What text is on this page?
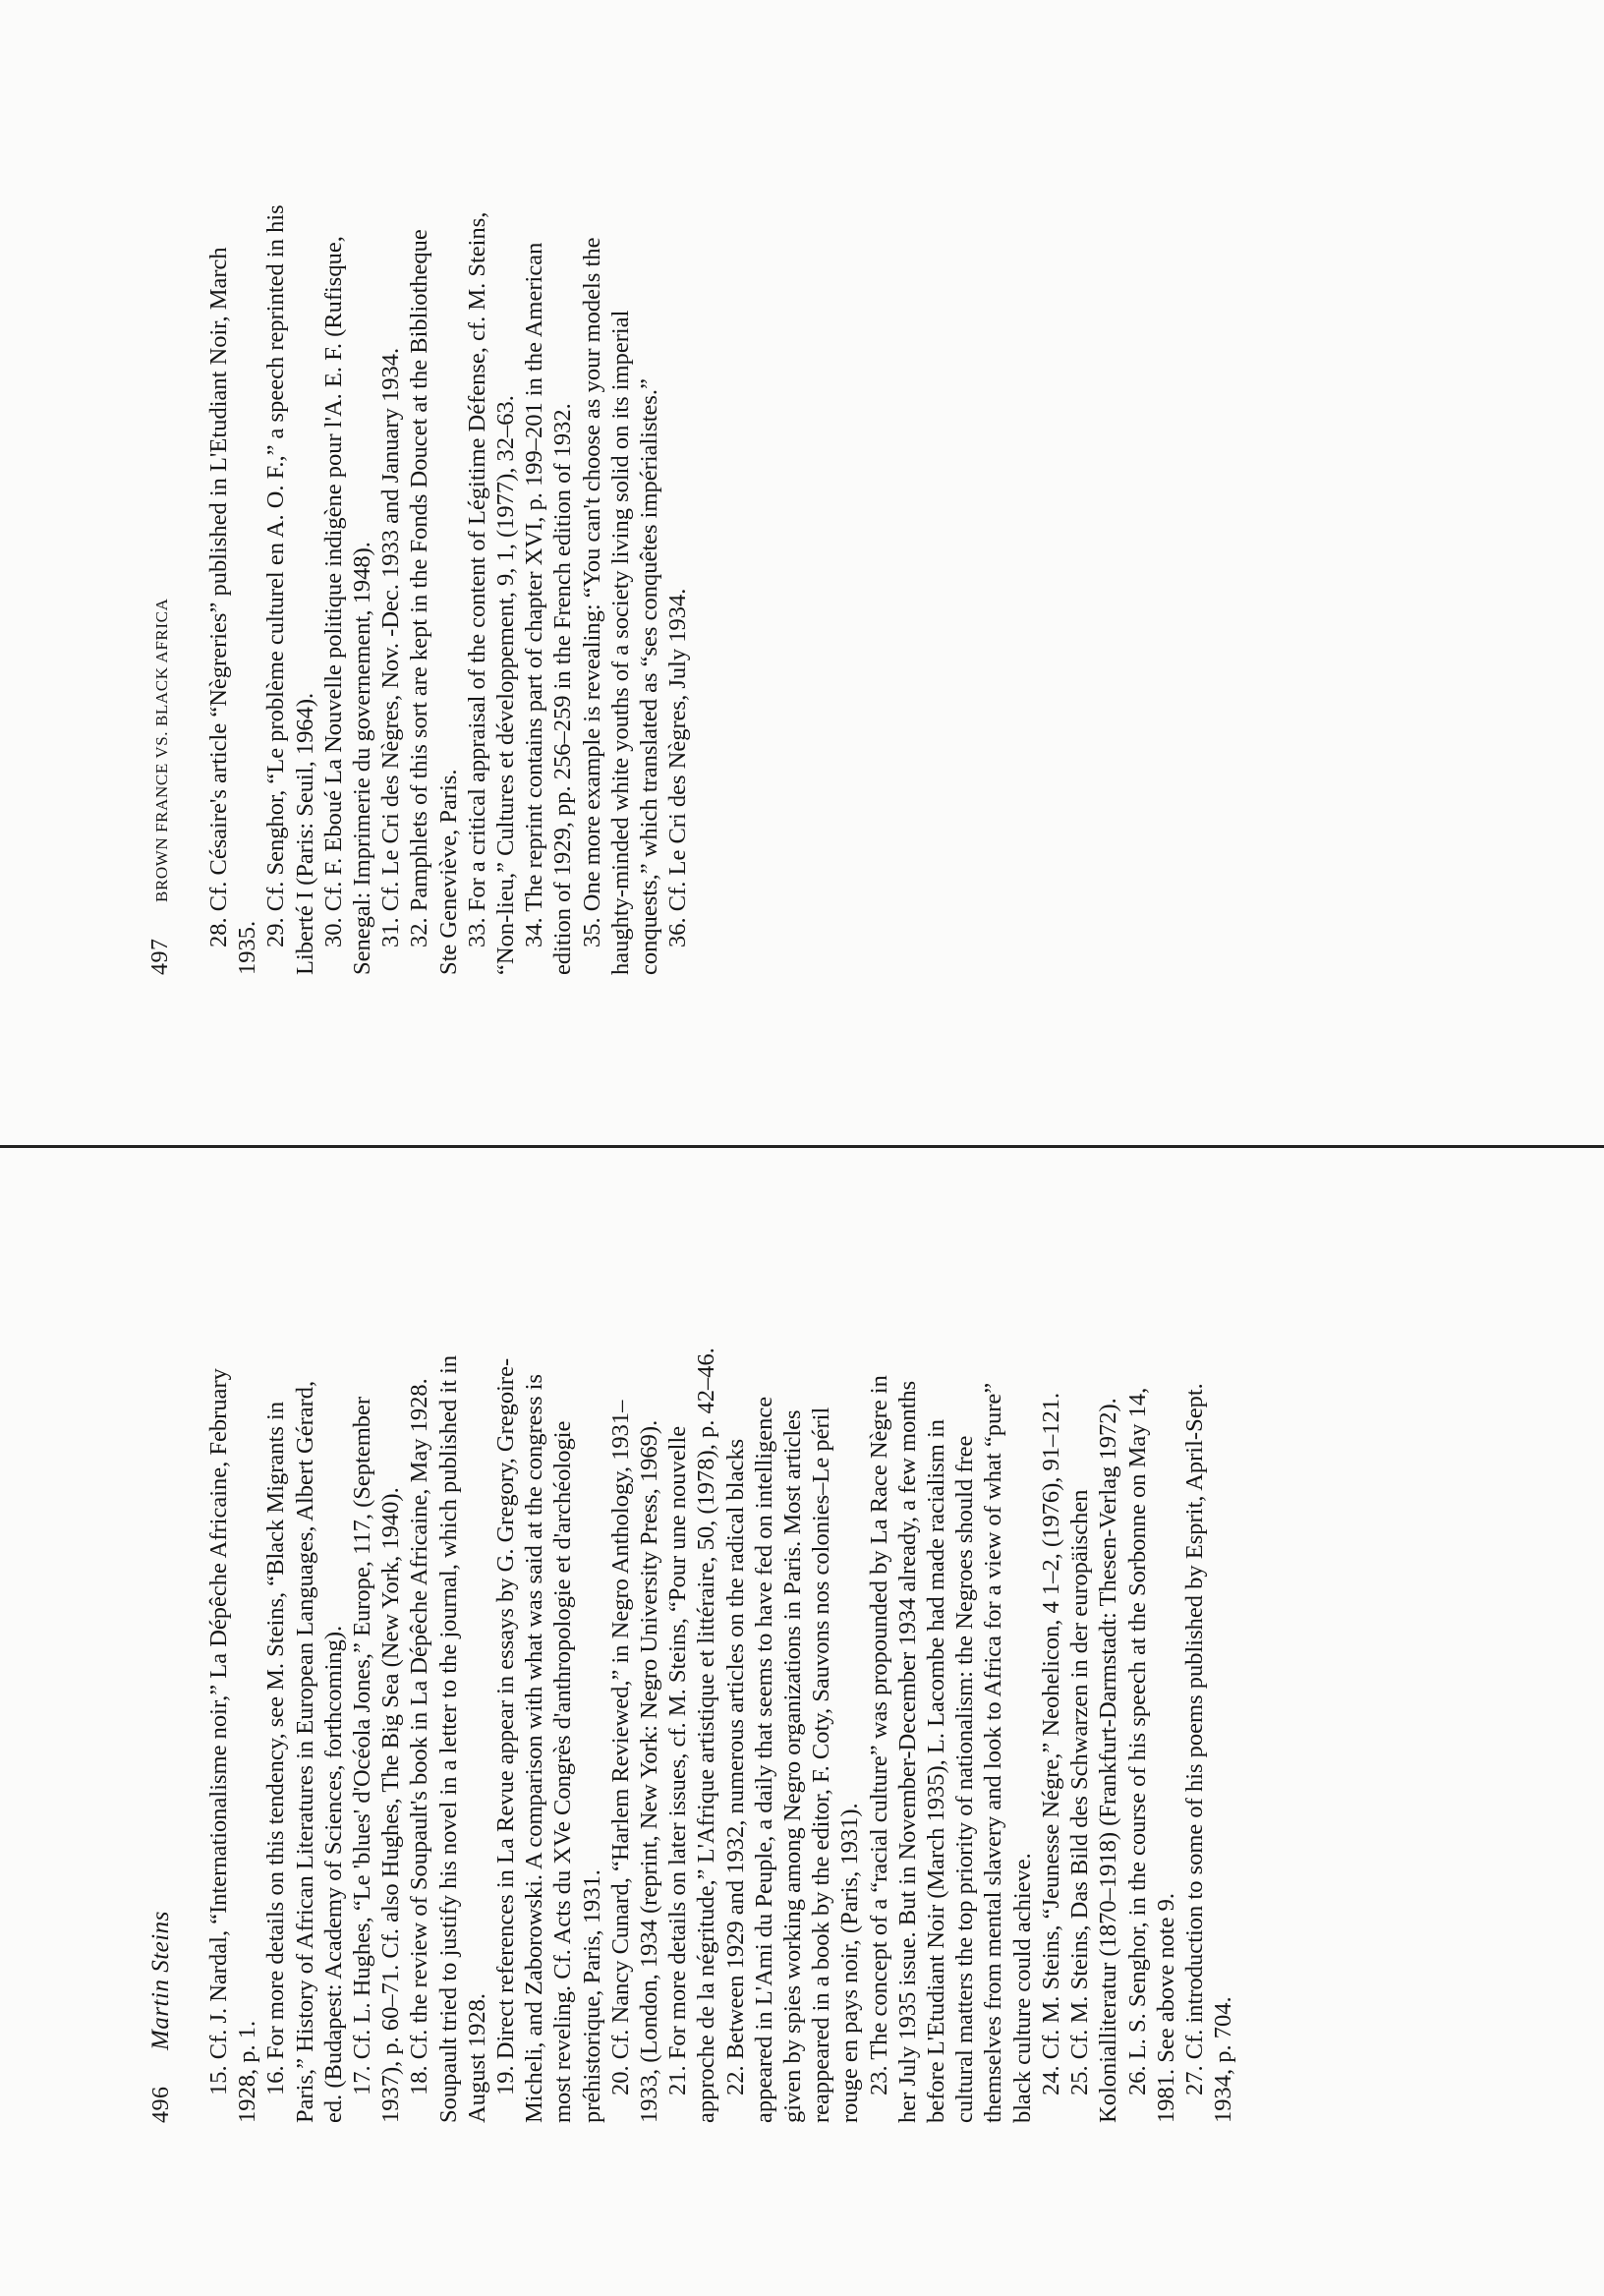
496 Martin Steins 15. Cf. J. Nardal, “Internationalisme noir,” La Dépêche Africaine, February 1928, p. 1. 16. For more details on this tendency, see M. Steins, “Black Migrants in Paris,” History of African Literatures in European Languages, Albert Gérard, ed. (Budapest: Academy of Sciences, forthcoming). 17. Cf. L. Hughes, “Le 'blues' d'Océola Jones,” Europe, 117, (September 1937), p. 60–71. Cf. also Hughes, The Big Sea (New York, 1940). 18. Cf. the review of Soupault's book in La Dépêche Africaine, May 1928. Soupault tried to justify his novel in a letter to the journal, which published it in August 1928. 19. Direct references in La Revue appear in essays by G. Gregory, Gregoire-Micheli, and Zaborowski. A comparison with what was said at the congress is most reveling. Cf. Acts du XVe Congrès d'anthropologie et d'archéologie préhistorique, Paris, 1931. 20. Cf. Nancy Cunard, “Harlem Reviewed,” in Negro Anthology, 1931–1933, (London, 1934 (reprint, New York: Negro University Press, 1969). 21. For more details on later issues, cf. M. Steins, “Pour une nouvelle approche de la négritude,” L'Afrique artistique et littéraire, 50, (1978), p. 42–46. 22. Between 1929 and 1932, numerous articles on the radical blacks appeared in L'Ami du Peuple, a daily that seems to have fed on intelligence given by spies working among Negro organizations in Paris. Most articles reappeared in a book by the editor, F. Coty, Sauvons nos colonies–Le péril rouge en pays noir, (Paris, 1931). 23. The concept of a “racial culture” was propounded by La Race Nègre in her July 1935 issue. But in November-December 1934 already, a few months before L'Etudiant Noir (March 1935), L. Lacombe had made racialism in cultural matters the top priority of nationalism: the Negroes should free themselves from mental slavery and look to Africa for a view of what “pure” black culture could achieve. 24. Cf. M. Steins, “Jeunesse Négre,” Neohelicon, 4 1–2, (1976), 91–121. 25. Cf. M. Steins, Das Bild des Schwarzen in der europäischen Kolonialliteratur (1870–1918) (Frankfurt-Darmstadt: Thesen-Verlag 1972). 26. L. S. Senghor, in the course of his speech at the Sorbonne on May 14, 1981. See above note 9. 27. Cf. introduction to some of his poems published by Esprit, April-Sept. 1934, p. 704.

497 BROWN FRANCE VS. BLACK AFRICA 28. Cf. Césaire's article “Nègreries” published in L'Etudiant Noir, March 1935.

29. Cf. Senghor, “Le problème culturel en A. O. F.,” a speech reprinted in his Liberté I (Paris: Seuil, 1964). 30. Cf. F. Eboué La Nouvelle politique indigène pour l'A. E. F. (Rufisque, Senegal: Imprimerie du governement, 1948). 31. Cf. Le Cri des Nègres, Nov. -Dec. 1933 and January 1934. 32. Pamphlets of this sort are kept in the Fonds Doucet at the Bibliotheque Ste Geneviève, Paris. 33. For a critical appraisal of the content of Légitime Défense, cf. M. Steins, “Non-lieu,” Cultures et développement, 9, 1, (1977), 32–63. 34. The reprint contains part of chapter XVI, p. 199–201 in the American edition of 1929, pp. 256–259 in the French edition of 1932. 35. One more example is revealing: “You can't choose as your models the haughty-minded white youths of a society living solid on its imperial conquests,” which translated as “ses conquêtes impérialistes.” 36. Cf. Le Cri des Nègres, July 1934.
